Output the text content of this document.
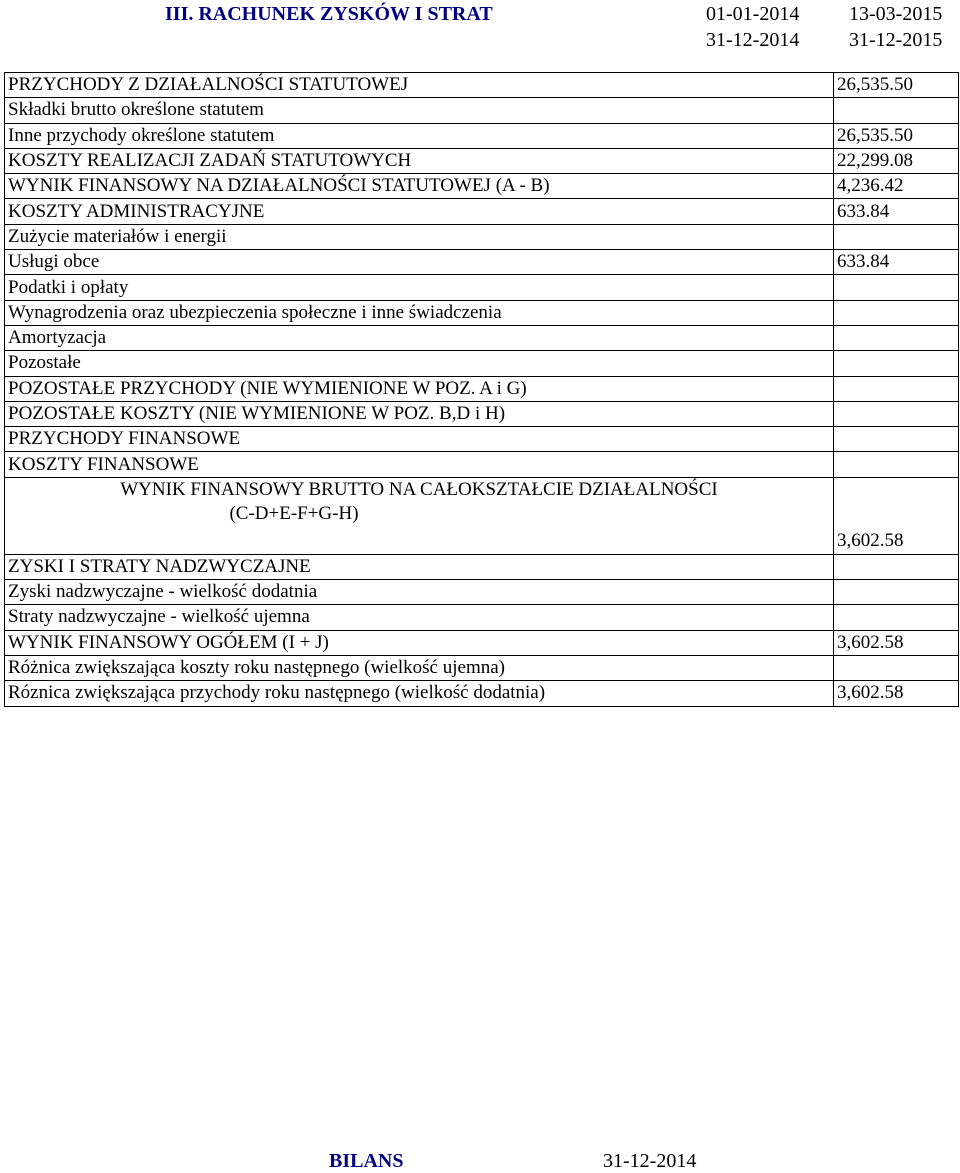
III. RACHUNEK ZYSKÓW I STRAT	01-01-2014 13-03-2015
31-12-2014 31-12-2015
PRZYCHODY Z DZIAŁALNOŚCI STATUTOWEJ	26,535.50
Składki brutto określone statutem	
Inne przychody określone statutem	26,535.50
KOSZTY REALIZACJI ZADAŃ STATUTOWYCH	22,299.08
WYNIK FINANSOWY NA DZIAŁALNOŚCI STATUTOWEJ (A - B)	4,236.42
KOSZTY ADMINISTRACYJNE	633.84
Zużycie materiałów i energii	
Usługi obce	633.84
Podatki i opłaty	
Wynagrodzenia oraz ubezpieczenia społeczne i inne świadczenia	
Amortyzacja	
Pozostałe	
POZOSTAŁE PRZYCHODY (NIE WYMIENIONE W POZ. A i G)	
POZOSTAŁE KOSZTY (NIE WYMIENIONE W POZ. B,D i H)	
PRZYCHODY FINANSOWE	
KOSZTY FINANSOWE	

WYNIK FINANSOWY BRUTTO NA CAŁOKSZTAŁCIE DZIAŁALNOŚCI
(C-D+E-F+G-H)	3,602.58
ZYSKI I STRATY NADZWYCZAJNE	
Zyski nadzwyczajne - wielkość dodatnia	
Straty nadzwyczajne - wielkość ujemna	
WYNIK FINANSOWY OGÓŁEM (I + J)	3,602.58
Różnica zwiększająca koszty roku następnego (wielkość ujemna)	
Róznica zwiększająca przychody roku następnego (wielkość dodatnia)	3,602.58
BILANS	31-12-2014
